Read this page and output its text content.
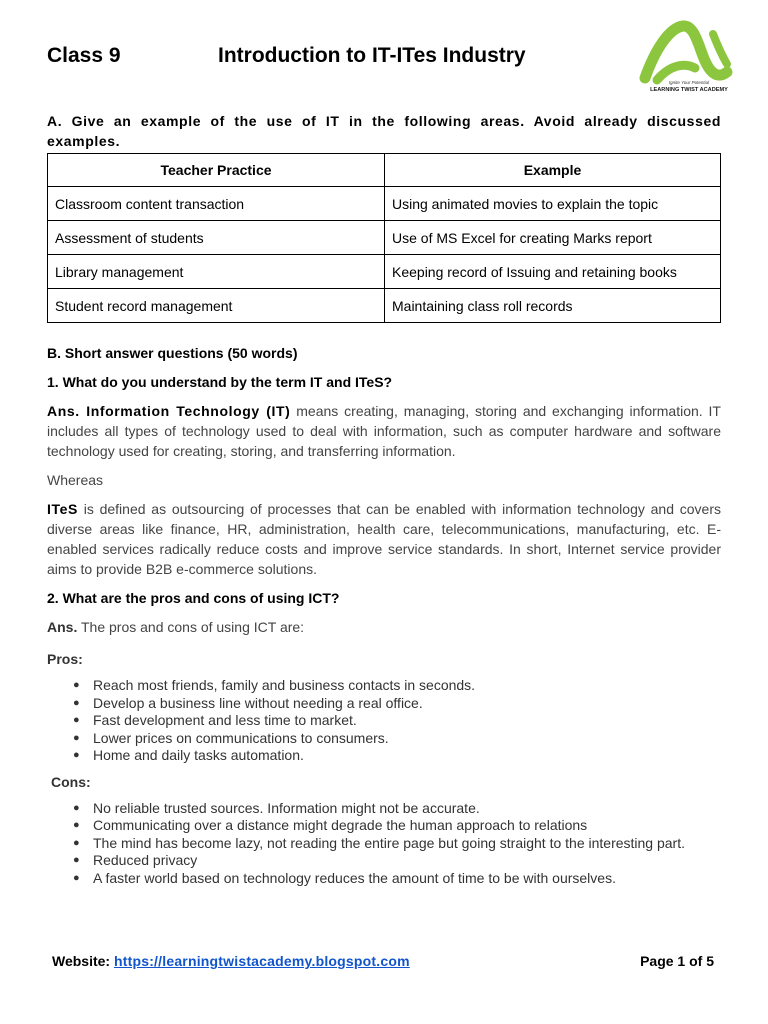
Class 9	Introduction to IT-ITes Industry
Ignite Your Potential
LEARNING TWIST ACADEMY

A. Give an example of the use of IT in the following areas. Avoid already discussed examples.

Teacher Practice	Example
Classroom content transaction	Using animated movies to explain the topic
Assessment of students	Use of MS Excel for creating Marks report
Library management	Keeping record of Issuing and retaining books
Student record management	Maintaining class roll records
B. Short answer questions (50 words)
1. What do you understand by the term IT and ITeS?
Ans. Information Technology (IT) means creating, managing, storing and exchanging information. IT includes all types of technology used to deal with information, such as computer hardware and software technology used for creating, storing, and transferring information.
Whereas
ITeS is defined as outsourcing of processes that can be enabled with information technology and covers diverse areas like finance, HR, administration, health care, telecommunications, manufacturing, etc. E-enabled services radically reduce costs and improve service standards. In short, Internet service provider aims to provide B2B e-commerce solutions.
2. What are the pros and cons of using ICT?
Ans. The pros and cons of using ICT are:
Pros:
● Reach most friends, family and business contacts in seconds.
● Develop a business line without needing a real office.
● Fast development and less time to market.
● Lower prices on communications to consumers.
● Home and daily tasks automation.
Cons:
● No reliable trusted sources. Information might not be accurate.
● Communicating over a distance might degrade the human approach to relations
● The mind has become lazy, not reading the entire page but going straight to the interesting part.
● Reduced privacy
● A faster world based on technology reduces the amount of time to be with ourselves.
Website: https://learningtwistacademy.blogspot.com	Page 1 of 5
